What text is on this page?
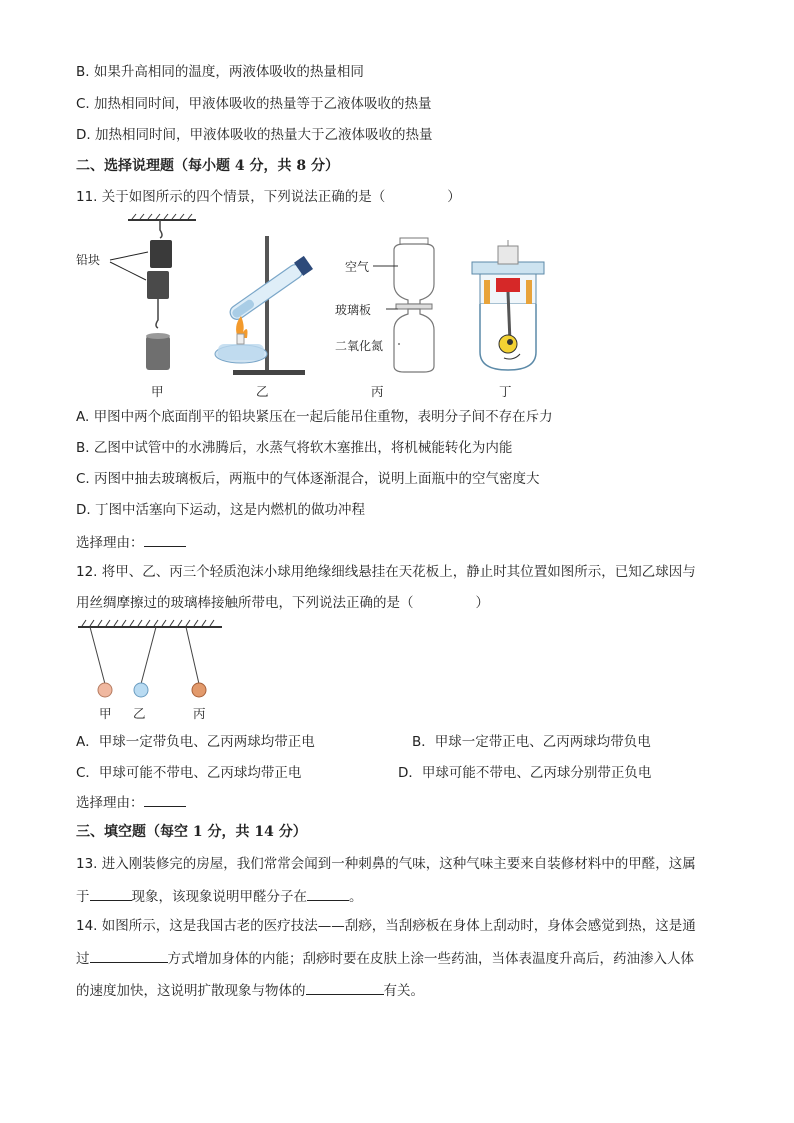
B. 如果升高相同的温度，两液体吸收的热量相同
C. 加热相同时间，甲液体吸收的热量等于乙液体吸收的热量
D. 加热相同时间，甲液体吸收的热量大于乙液体吸收的热量
二、选择说理题（每小题 4 分，共 8 分）
11. 关于如图所示的四个情景，下列说法正确的是（	）
铅块	空气
玻璃板
二氧化氮
甲	乙	丙	丁
A. 甲图中两个底面削平的铅块紧压在一起后能吊住重物，表明分子间不存在斥力
B. 乙图中试管中的水沸腾后，水蒸气将软木塞推出，将机械能转化为内能
C. 丙图中抽去玻璃板后，两瓶中的气体逐渐混合，说明上面瓶中的空气密度大
D. 丁图中活塞向下运动，这是内燃机的做功冲程
选择理由：
12. 将甲、乙、丙三个轻质泡沫小球用绝缘细线悬挂在天花板上，静止时其位置如图所示，已知乙球因与
用丝绸摩擦过的玻璃棒接触所带电，下列说法正确的是（	）
甲 乙	丙
A．甲球一定带负电、乙丙两球均带正电	B．甲球一定带正电、乙丙两球均带负电
C．甲球可能不带电、乙丙球均带正电	D．甲球可能不带电、乙丙球分别带正负电
选择理由：
三、填空题（每空 1 分，共 14 分）
13. 进入刚装修完的房屋，我们常常会闻到一种刺鼻的气味，这种气味主要来自装修材料中的甲醛，这属
于	现象，该现象说明甲醛分子在	。
14. 如图所示，这是我国古老的医疗技法——刮痧，当刮痧板在身体上刮动时，身体会感觉到热，这是通
过	方式增加身体的内能；刮痧时要在皮肤上涂一些药油，当体表温度升高后，药油渗入人体
的速度加快，这说明扩散现象与物体的	有关。
